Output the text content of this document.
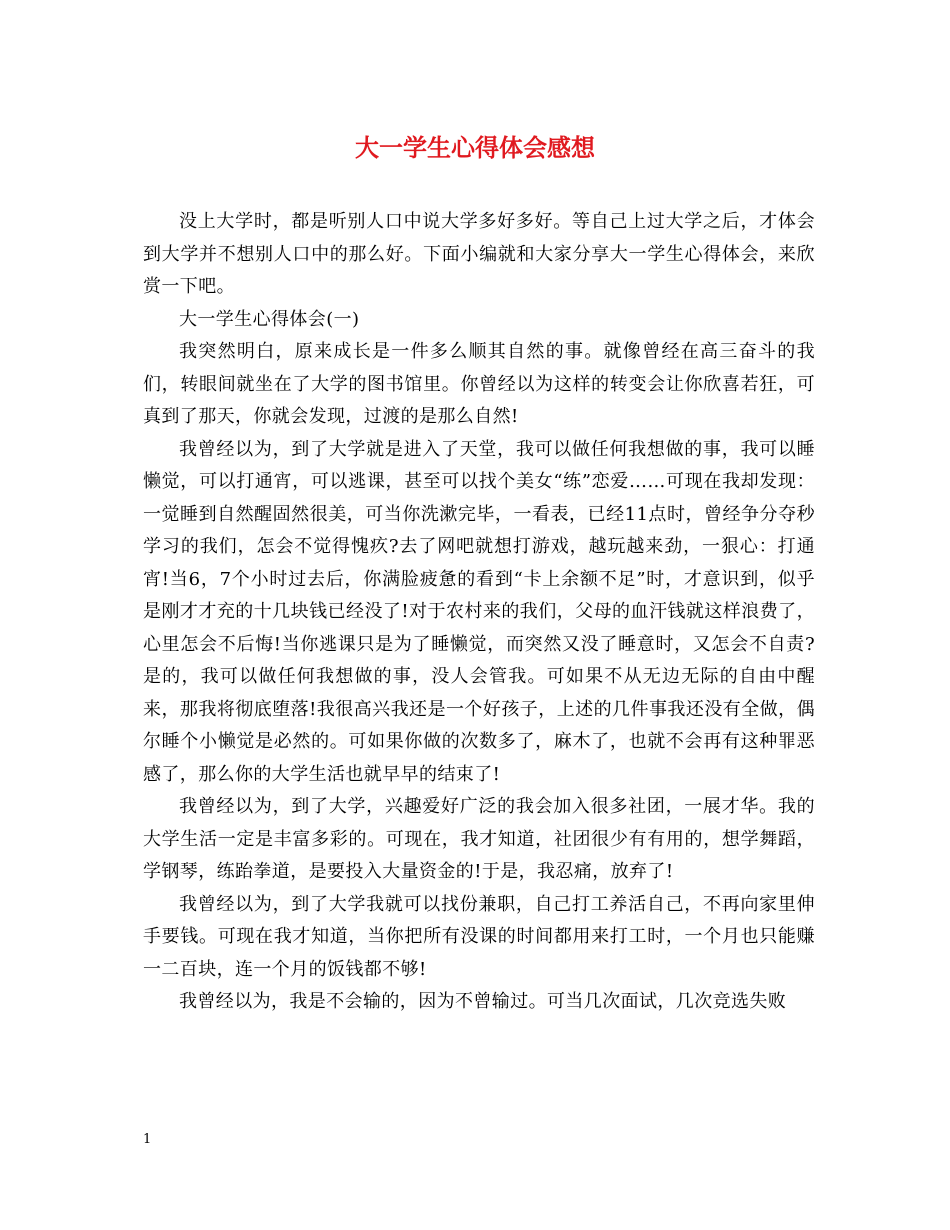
大一学生心得体会感想

没上大学时，都是听别人口中说大学多好多好。等自己上过大学之后，才体会到大学并不想别人口中的那么好。下面小编就和大家分享大一学生心得体会，来欣赏一下吧。

大一学生心得体会(一)

我突然明白，原来成长是一件多么顺其自然的事。就像曾经在高三奋斗的我们，转眼间就坐在了大学的图书馆里。你曾经以为这样的转变会让你欣喜若狂，可真到了那天，你就会发现，过渡的是那么自然!

我曾经以为，到了大学就是进入了天堂，我可以做任何我想做的事，我可以睡懒觉，可以打通宵，可以逃课，甚至可以找个美女“练”恋爱……可现在我却发现：一觉睡到自然醒固然很美，可当你洗漱完毕，一看表，已经11点时，曾经争分夺秒学习的我们，怎会不觉得愧疚?去了网吧就想打游戏，越玩越来劲，一狠心：打通宵!当6，7个小时过去后，你满脸疲惫的看到“卡上余额不足”时，才意识到，似乎是刚才才充的十几块钱已经没了!对于农村来的我们，父母的血汗钱就这样浪费了，心里怎会不后悔!当你逃课只是为了睡懒觉，而突然又没了睡意时，又怎会不自责?是的，我可以做任何我想做的事，没人会管我。可如果不从无边无际的自由中醒来，那我将彻底堕落!我很高兴我还是一个好孩子，上述的几件事我还没有全做，偶尔睡个小懒觉是必然的。可如果你做的次数多了，麻木了，也就不会再有这种罪恶感了，那么你的大学生活也就早早的结束了!

我曾经以为，到了大学，兴趣爱好广泛的我会加入很多社团，一展才华。我的大学生活一定是丰富多彩的。可现在，我才知道，社团很少有有用的，想学舞蹈，学钢琴，练跆拳道，是要投入大量资金的!于是，我忍痛，放弃了!

我曾经以为，到了大学我就可以找份兼职，自己打工养活自己，不再向家里伸手要钱。可现在我才知道，当你把所有没课的时间都用来打工时，一个月也只能赚一二百块，连一个月的饭钱都不够!

我曾经以为，我是不会输的，因为不曾输过。可当几次面试，几次竞选失败

1
